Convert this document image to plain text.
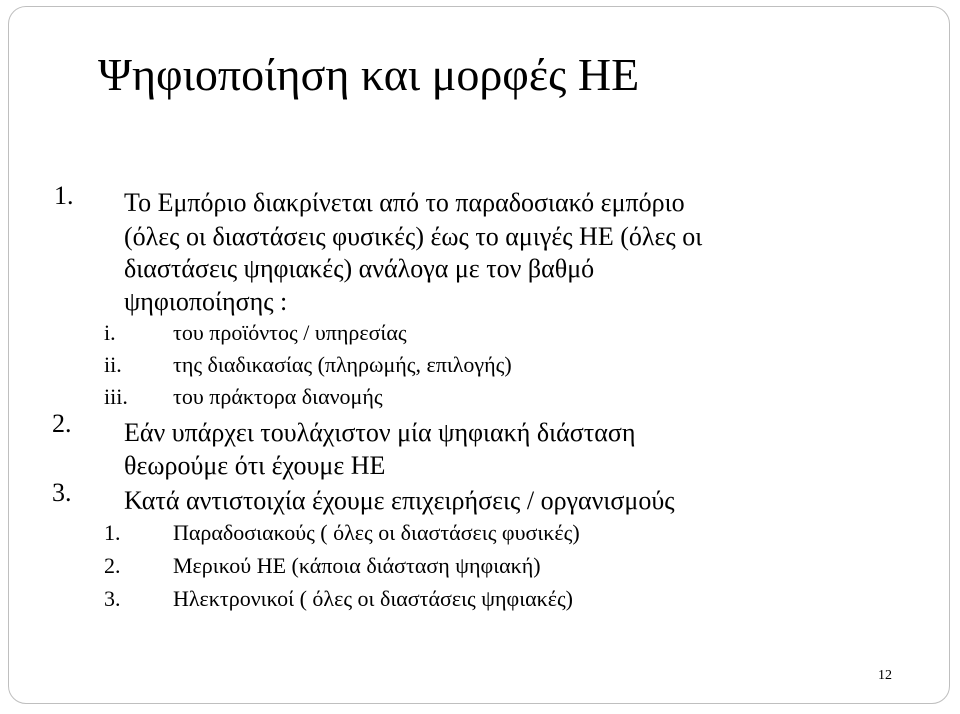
Ψηφιοποίηση και μορφές ΗΕ
1. Το Εμπόριο διακρίνεται από το παραδοσιακό εμπόριο
(όλες οι διαστάσεις φυσικές) έως το αμιγές ΗΕ (όλες οι
διαστάσεις ψηφιακές) ανάλογα με τον βαθμό
ψηφιοποίησης :
i.	του προϊόντος / υπηρεσίας
ii. της διαδικασίας (πληρωμής, επιλογής)
iii. του πράκτορα διανομής
2. Εάν υπάρχει τουλάχιστον μία ψηφιακή διάσταση
θεωρούμε ότι έχουμε ΗΕ
3. Κατά αντιστοιχία έχουμε επιχειρήσεις / οργανισμούς
1. Παραδοσιακούς ( όλες οι διαστάσεις φυσικές)
2. Μερικού ΗΕ (κάποια διάσταση ψηφιακή)
3. Ηλεκτρονικοί ( όλες οι διαστάσεις ψηφιακές)
12
